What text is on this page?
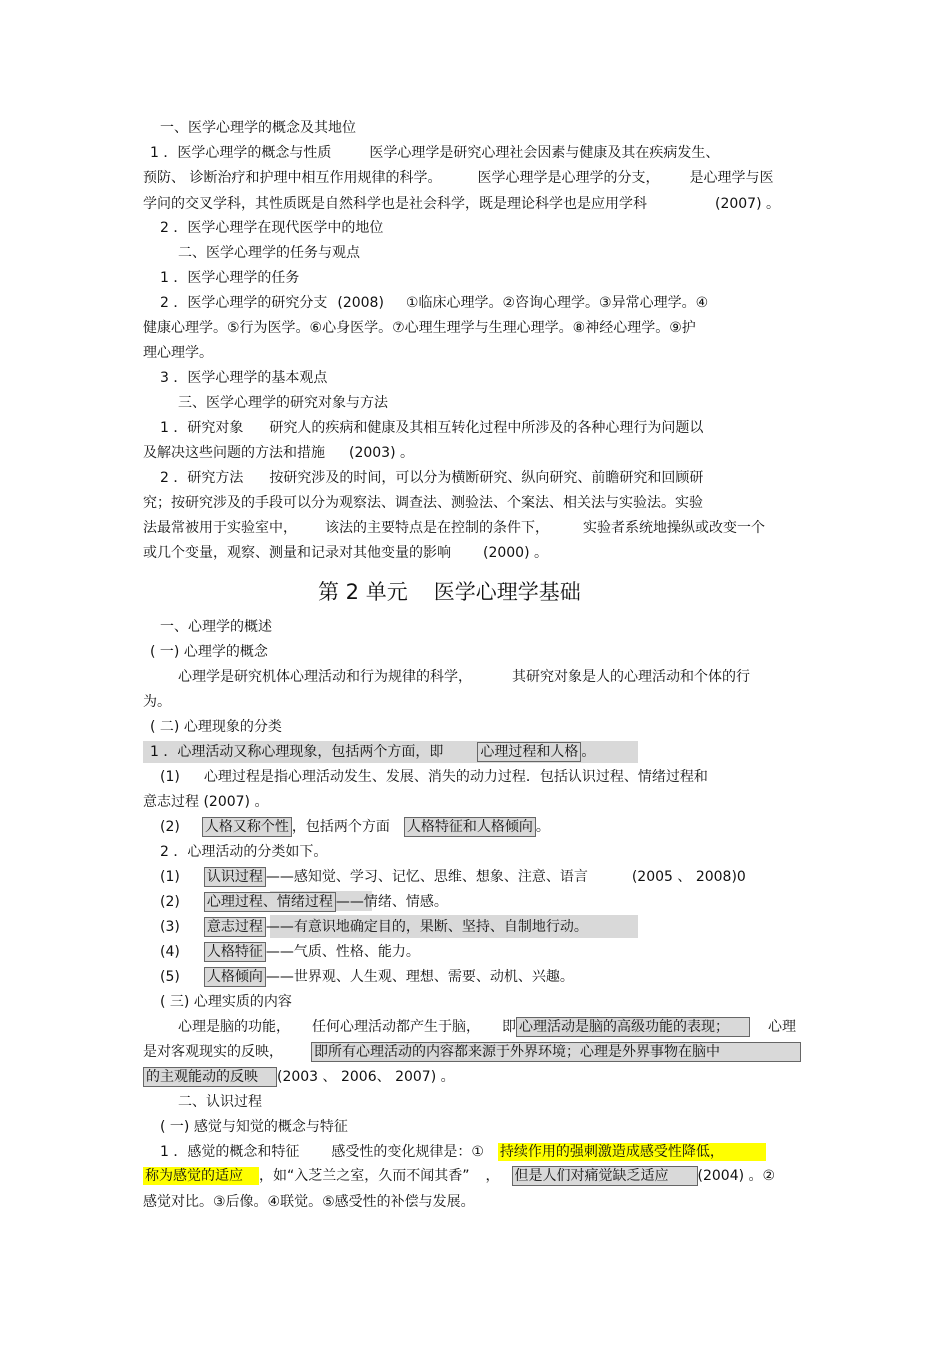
一、医学心理学的概念及其地位
1 ．医学心理学的概念与性质	医学心理学是研究心理社会因素与健康及其在疾病发生、
预防、 诊断治疗和护理中相互作用规律的科学。	医学心理学是心理学的分支， 是心理学与医
学问的交叉学科，其性质既是自然科学也是社会科学，既是理论科学也是应用学科	(2007) 。
2 ．医学心理学在现代医学中的地位
二、医学心理学的任务与观点
1 ．医学心理学的任务
2 ．医学心理学的研究分支 (2008) ①临床心理学。②咨询心理学。③异常心理学。④
健康心理学。⑤行为医学。⑥心身医学。⑦心理生理学与生理心理学。⑧神经心理学。⑨护
理心理学。
3 ．医学心理学的基本观点
三、医学心理学的研究对象与方法
1 ．研究对象 研究人的疾病和健康及其相互转化过程中所涉及的各种心理行为问题以
及解决这些问题的方法和措施 (2003) 。
2 ．研究方法 按研究涉及的时间，可以分为横断研究、纵向研究、前瞻研究和回顾研
究；按研究涉及的手段可以分为观察法、调查法、测验法、个案法、相关法与实验法。实验
法最常被用于实验室中， 该法的主要特点是在控制的条件下， 实验者系统地操纵或改变一个
或几个变量，观察、测量和记录对其他变量的影响 (2000) 。
第 2 单元 医学心理学基础
一、心理学的概述
( 一) 心理学的概念
心理学是研究机体心理活动和行为规律的科学，	其研究对象是人的心理活动和个体的行
为。
( 二) 心理现象的分类
1 ．心理活动又称心理现象，包括两个方面，即	心理过程和人格 。
(1) 心理过程是指心理活动发生、发展、消失的动力过程．包括认识过程、情绪过程和
意志过程 (2007) 。
(2) 人格又称个性 ，包括两个方面 人格特征和人格倾向 。
2 ．心理活动的分类如下。
(1) 认识过程 ——感知觉、学习、记忆、思维、想象、注意、语言	(2005 、 2008)0
(2) 心理过程、情绪过程 ——情绪、情感。
(3) 意志过程 ——有意识地确定目的，果断、坚持、自制地行动。
(4) 人格特征 ——气质、性格、能力。
(5) 人格倾向 ——世界观、人生观、理想、需要、动机、兴趣。
( 三) 心理实质的内容
心理是脑的功能， 任何心理活动都产生于脑， 即 心理活动是脑的高级功能的表现；	心理
是对客观现实的反映， 即所有心理活动的内容都来源于外界环境；心理是外界事物在脑中
的主观能动的反映 (2003 、 2006、 2007) 。
二、认识过程
( 一) 感觉与知觉的概念与特征
1 ．感觉的概念和特征 感受性的变化规律是：① 持续作用的强刺激造成感受性降低，
称为感觉的适应 ，如“入芝兰之室，久而不闻其香” ， 但是人们对痛觉缺乏适应 (2004) 。②
感觉对比。③后像。④联觉。⑤感受性的补偿与发展。
